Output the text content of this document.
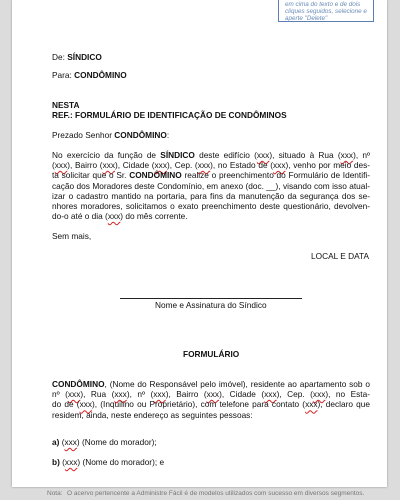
em cima do texto e de dois
cliques seguidos, selecione e
aperte "Delete"
De: SÍNDICO
Para: CONDÔMINO
NESTA
REF.: FORMULÁRIO DE IDENTIFICAÇÃO DE CONDÔMINOS
Prezado Senhor CONDÔMINO:
No exercício da função de SÍNDICO deste edifício (xxx), situado à Rua (xxx), nº
(xxx), Bairro (xxx), Cidade (xxx), Cep. (xxx), no Estado de (xxx), venho por meio des-
ta solicitar que o Sr. CONDÔMINO realize o preenchimento do Formulário de Identifi-
cação dos Moradores deste Condomínio, em anexo (doc. __), visando com isso atual-
izar o cadastro mantido na portaria, para fins da manutenção da segurança dos se-
nhores moradores, solicitamos o exato preenchimento deste questionário, devolven-
do-o até o dia (xxx) do mês corrente.
Sem mais,
LOCAL E DATA
Nome e Assinatura do Síndico
FORMULÁRIO
CONDÔMINO, (Nome do Responsável pelo imóvel), residente ao apartamento sob o
nº (xxx), Rua (xxx), nº (xxx), Bairro (xxx), Cidade (xxx), Cep. (xxx), no Esta-
do de (xxx), (Inquilino ou Proprietário), com telefone para contato (xxx), declaro que
residem, ainda, neste endereço as seguintes pessoas:
a) (xxx) (Nome do morador);
b) (xxx) (Nome do morador); e
Nota: O acervo pertencente a Administre Fácil é de modelos utilizados com sucesso em diversos segmentos.
